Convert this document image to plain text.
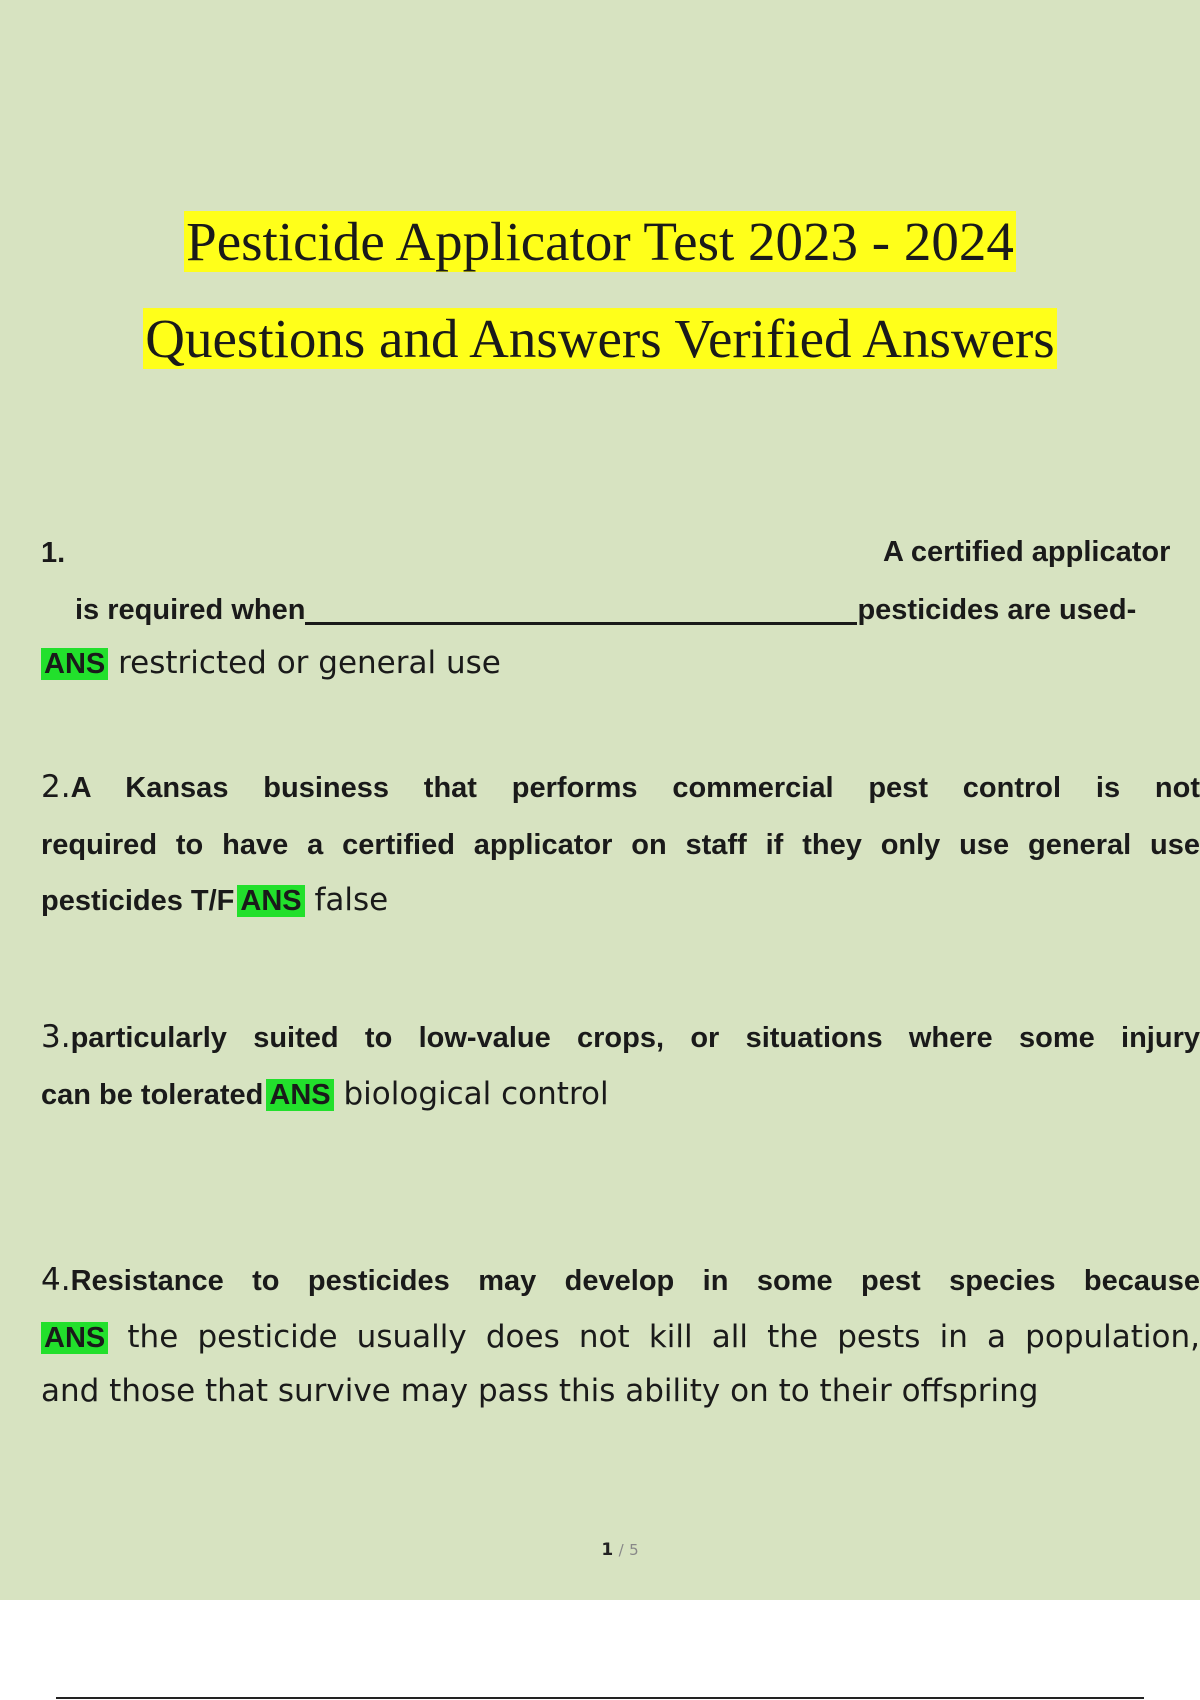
Pesticide Applicator Test 2023 - 2024
Questions and Answers Verified Answers
1.	A certified applicator
is required when	pesticides are used-
ANS restricted or general use
2.A Kansas business that performs commercial pest control is not
required to have a certified applicator on staff if they only use general use
pesticides T/F ANS false
3.particularly suited to low-value crops, or situations where some injury
can be tolerated ANS biological control
4.Resistance to pesticides may develop in some pest species because
ANS the pesticide usually does not kill all the pests in a population,
and those that survive may pass this ability on to their offspring
1 / 5
